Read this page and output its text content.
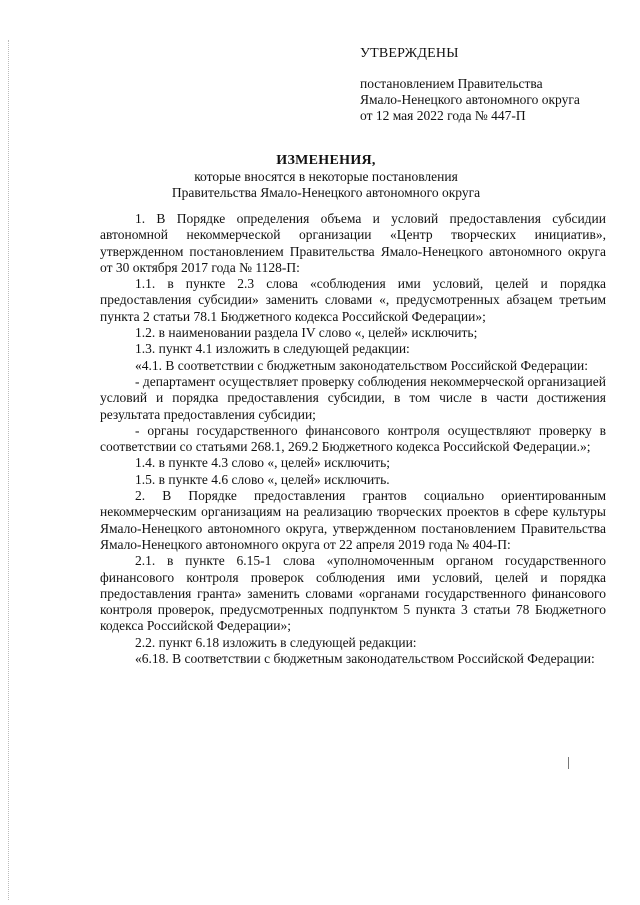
УТВЕРЖДЕНЫ
постановлением Правительства
Ямало-Ненецкого автономного округа
от 12 мая 2022 года № 447-П
ИЗМЕНЕНИЯ,
которые вносятся в некоторые постановления
Правительства Ямало-Ненецкого автономного округа

1. В Порядке определения объема и условий предоставления субсидии автономной некоммерческой организации «Центр творческих инициатив», утвержденном постановлением Правительства Ямало-Ненецкого автономного округа от 30 октября 2017 года № 1128-П:

1.1. в пункте 2.3 слова «соблюдения ими условий, целей и порядка предоставления субсидии» заменить словами «, предусмотренных абзацем третьим пункта 2 статьи 78.1 Бюджетного кодекса Российской Федерации»;

1.2. в наименовании раздела IV слово «, целей» исключить;

1.3. пункт 4.1 изложить в следующей редакции:

«4.1. В соответствии с бюджетным законодательством Российской Федерации:

- департамент осуществляет проверку соблюдения некоммерческой организацией условий и порядка предоставления субсидии, в том числе в части достижения результата предоставления субсидии;

- органы государственного финансового контроля осуществляют проверку в соответствии со статьями 268.1, 269.2 Бюджетного кодекса Российской Федерации.»;

1.4. в пункте 4.3 слово «, целей» исключить;

1.5. в пункте 4.6 слово «, целей» исключить.

2. В Порядке предоставления грантов социально ориентированным некоммерческим организациям на реализацию творческих проектов в сфере культуры Ямало-Ненецкого автономного округа, утвержденном постановлением Правительства Ямало-Ненецкого автономного округа от 22 апреля 2019 года № 404-П:

2.1. в пункте 6.15-1 слова «уполномоченным органом государственного финансового контроля проверок соблюдения ими условий, целей и порядка предоставления гранта» заменить словами «органами государственного финансового контроля проверок, предусмотренных подпунктом 5 пункта 3 статьи 78 Бюджетного кодекса Российской Федерации»;

2.2. пункт 6.18 изложить в следующей редакции:

«6.18. В соответствии с бюджетным законодательством Российской Федерации:
